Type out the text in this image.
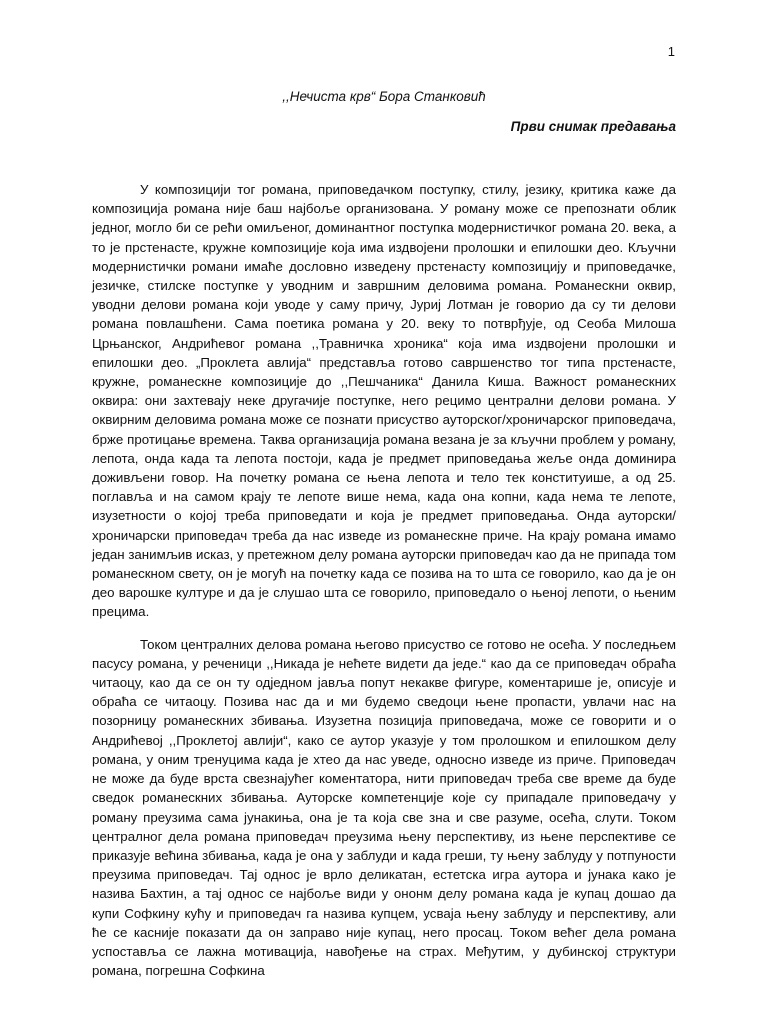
1
,,Нечиста крв“ Бора Станковић
Први снимак предавања

У композицији тог романа, приповедачком поступку, стилу, језику, критика каже да композиција романа није баш најбоље организована. У роману може се препознати облик једног, могло би се рећи омиљеног, доминантног поступка модернистичког романа 20. века, а то је прстенасте, кружне композиције која има издвојени пролошки и епилошки део. Кључни модернистички романи имаће дословно изведену прстенасту композицију и приповедачке, језичке, стилске поступке у уводним и завршним деловима романа. Романескни оквир, уводни делови романа који уводе у саму причу, Јуриј Лотман је говорио да су ти делови романа повлашћени. Сама поетика романа у 20. веку то потврђује, од Сеоба Милоша Црњанског, Андрићевог романа ,,Травничка хроника“ која има издвојени пролошки и епилошки део. „Проклета авлија“ представља готово савршенство тог типа прстенасте, кружне, романескне композиције до ,,Пешчаника“ Данила Киша. Важност романескних оквира: они захтевају неке другачије поступке, него рецимо централни делови романа. У оквирним деловима романа може се познати присуство ауторског/хроничарског приповедача, брже протицање времена. Таква организација романа везана је за кључни проблем у роману, лепота, онда када та лепота постоји, када је предмет приповедања жеље онда доминира доживљени говор. На почетку романа се њена лепота и тело тек конституише, а од 25. поглавља и на самом крају те лепоте више нема, када она копни, када нема те лепоте, изузетности о којој треба приповедати и која је предмет приповедања. Онда ауторски/хроничарски приповедач треба да нас изведе из романескне приче. На крају романа имамо један занимљив исказ, у претежном делу романа ауторски приповедач као да не припада том романескном свету, он је могућ на почетку када се позива на то шта се говорило, као да је он део варошке културе и да је слушао шта се говорило, приповедало о њеној лепоти, о њеним прецима.

Током централних делова романа његово присуство се готово не осећа. У последњем пасусу романа, у реченици ,,Никада је нећете видети да једе.“ као да се приповедач обраћа читаоцу, као да се он ту одједном јавља попут некакве фигуре, коментарише је, описује и обраћа се читаоцу. Позива нас да и ми будемо сведоци њене пропасти, увлачи нас на позорницу романескних збивања. Изузетна позиција приповедача, може се говорити и о Андрићевој ,,Проклетој авлији“, како се аутор указује у том пролошком и епилошком делу романа, у оним тренуцима када је хтео да нас уведе, односно изведе из приче. Приповедач не може да буде врста свезнајућег коментатора, нити приповедач треба све време да буде сведок романескних збивања. Ауторске компетенције које су припадале приповедачу у роману преузима сама јунакиња, она је та која све зна и све разуме, осећа, слути. Током централног дела романа приповедач преузима њену перспективу, из њене перспективе се приказује већина збивања, када је она у заблуди и када греши, ту њену заблуду у потпуности преузима приповедач. Тај однос је врло деликатан, естетска игра аутора и јунака како је назива Бахтин, а тај однос се најбоље види у ононм делу романа када је купац дошао да купи Софкину кућу и приповедач га назива купцем, усваја њену заблуду и перспективу, али ће се касније показати да он заправо није купац, него просац. Током већег дела романа успоставља се лажна мотивација, навођење на страх. Међутим, у дубинској структури романа, погрешна Софкина
